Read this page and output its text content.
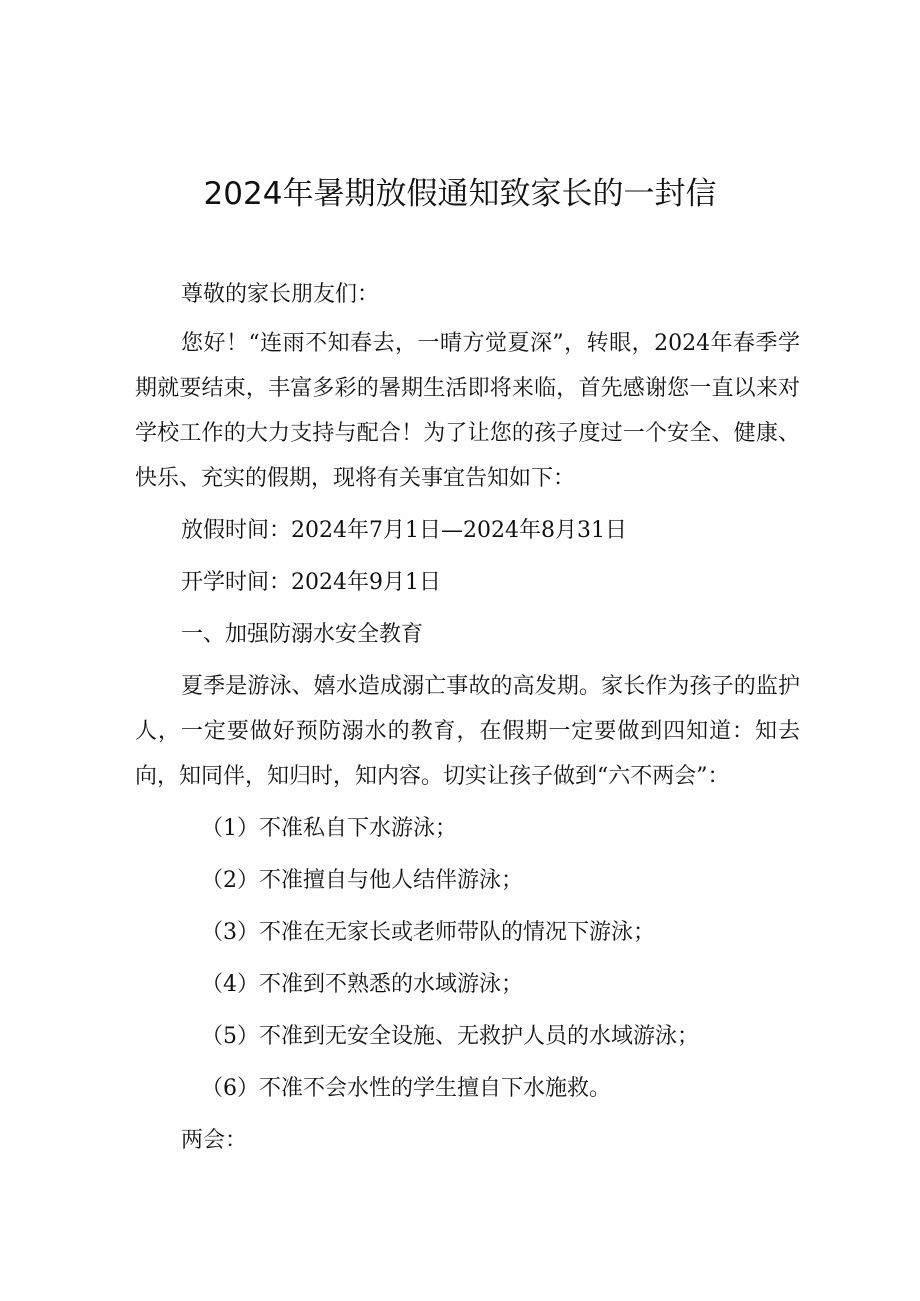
2024年暑期放假通知致家长的一封信

尊敬的家长朋友们：

您好！“连雨不知春去，一晴方觉夏深”，转眼，2024年春季学期就要结束，丰富多彩的暑期生活即将来临，首先感谢您一直以来对学校工作的大力支持与配合！为了让您的孩子度过一个安全、健康、快乐、充实的假期，现将有关事宜告知如下：

放假时间：2024年7月1日—2024年8月31日

开学时间：2024年9月1日

一、加强防溺水安全教育

夏季是游泳、嬉水造成溺亡事故的高发期。家长作为孩子的监护人，一定要做好预防溺水的教育，在假期一定要做到四知道：知去向，知同伴，知归时，知内容。切实让孩子做到“六不两会”：

（1）不准私自下水游泳；

（2）不准擅自与他人结伴游泳；

（3）不准在无家长或老师带队的情况下游泳；

（4）不准到不熟悉的水域游泳；

（5）不准到无安全设施、无救护人员的水域游泳；

（6）不准不会水性的学生擅自下水施救。

两会：
